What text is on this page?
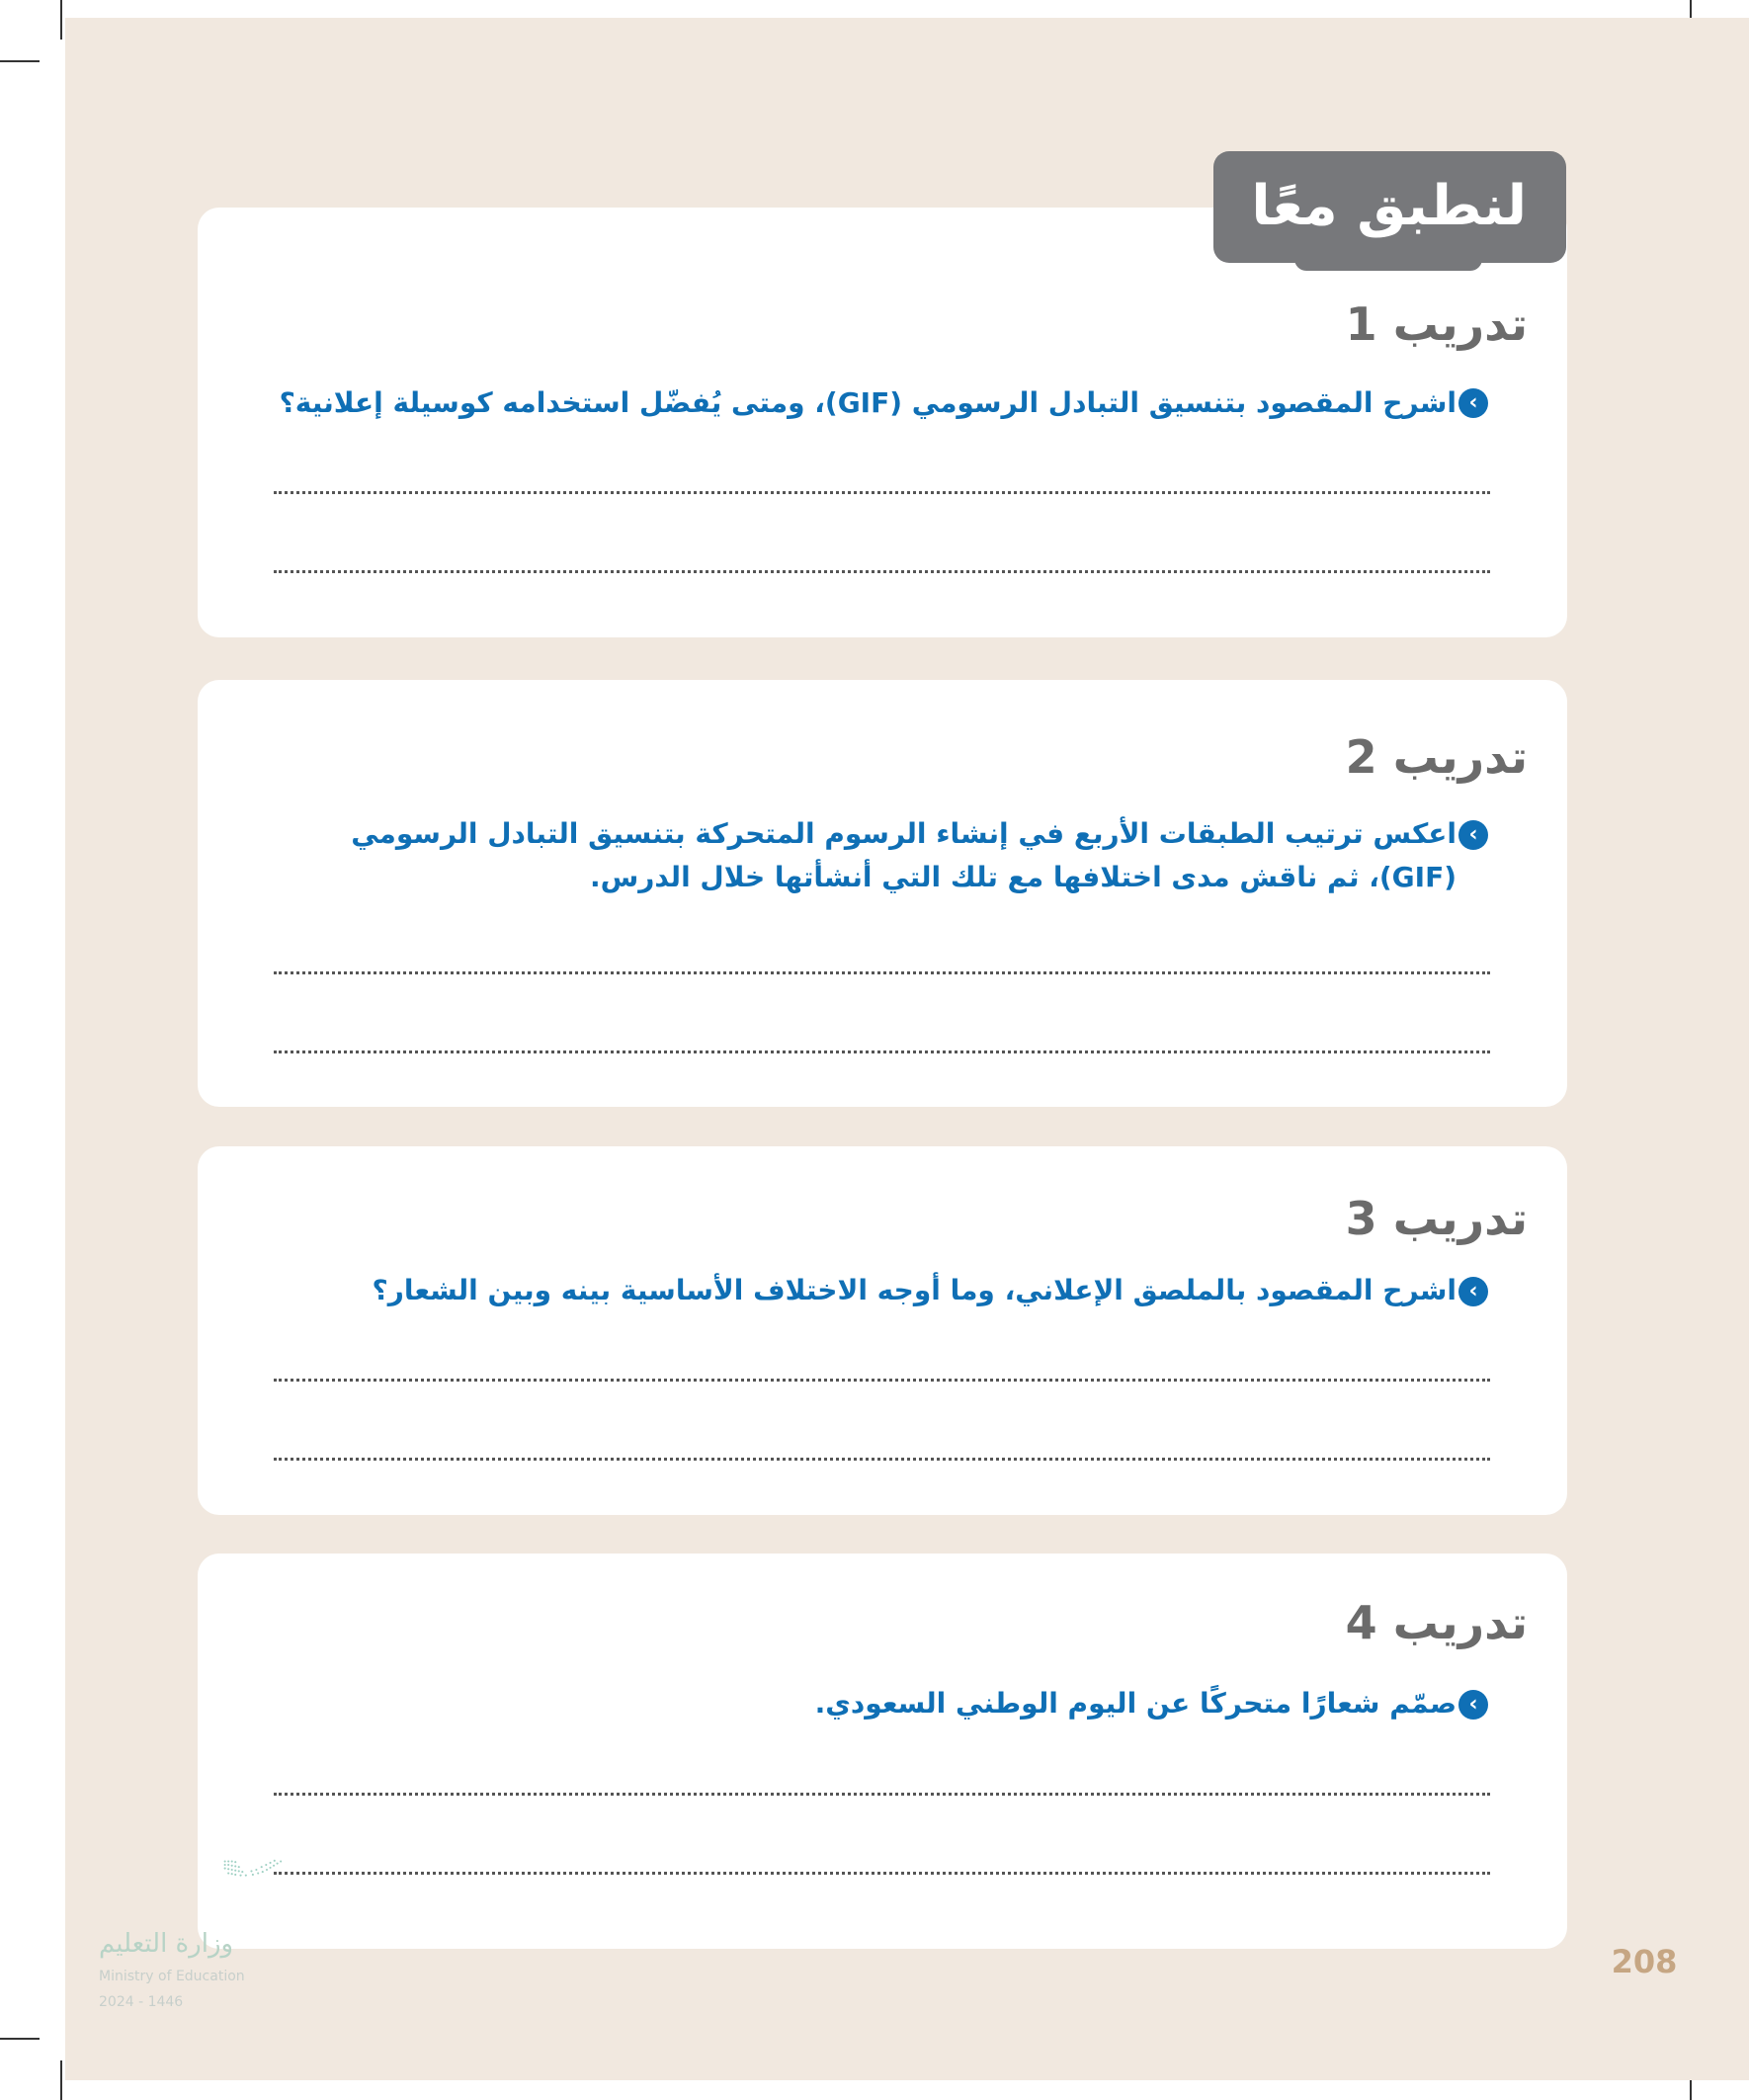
تدريب 1
‹

اشرح المقصود بتنسيق التبادل الرسومي (GIF)، ومتى يُفضّل استخدامه كوسيلة إعلانية؟

تدريب 2
‹

اعكس ترتيب الطبقات الأربع في إنشاء الرسوم المتحركة بتنسيق التبادل الرسومي (GIF)، ثم ناقش مدى اختلافها مع تلك التي أنشأتها خلال الدرس.

تدريب 3
‹

اشرح المقصود بالملصق الإعلاني، وما أوجه الاختلاف الأساسية بينه وبين الشعار؟

تدريب 4
‹

صمّم شعارًا متحركًا عن اليوم الوطني السعودي.

لنطبق معًا
وزارة التعليم
Ministry of Education
2024 - 1446
208
